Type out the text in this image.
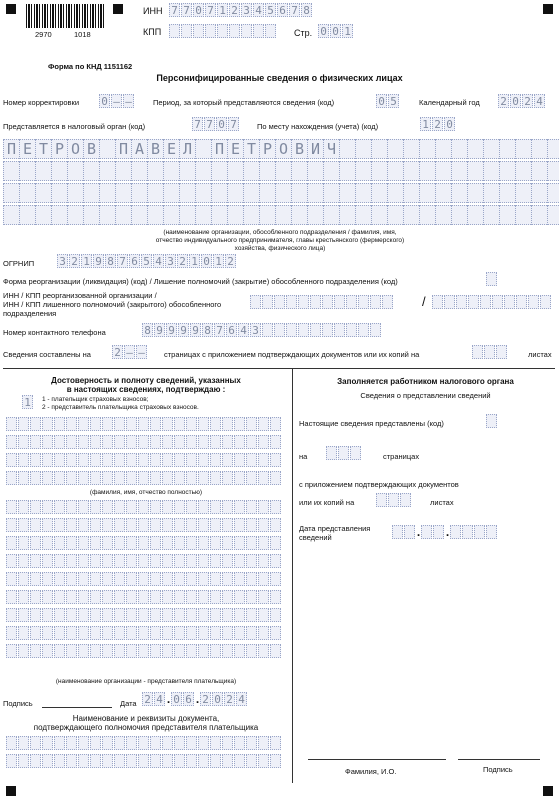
2970	1018
ИНН 7 7 0 7 1 2 3 4 5 6 7 8
КПП	Стр. 0 0 1
Форма по КНД 1151162
Персонифицированные сведения о физических лицах
Номер корректировки 0 – –	Период, за который представляются сведения (код)	0 5	Календарный год 2 0 2 4
Представляется в налоговый орган (код)	7 7 0 7	По месту нахождения (учета) (код)	1 2 0
П Е Т Р О В П А В Е Л П Е Т Р О В И Ч
(наименование организации, обособленного подразделения / фамилия, имя, отчество индивидуального предпринимателя, главы крестьянского (фермерского) хозяйства, физического лица)
ОГРНИП 3 2 1 9 8 7 6 5 4 3 2 1 0 1 2
Форма реорганизации (ликвидация) (код) / Лишение полномочий (закрытие) обособленного подразделения (код)
ИНН / КПП реорганизованной организации /
ИНН / КПП лишенного полномочий (закрытого) обособленного
подразделения
/
Номер контактного телефона	8 9 9 9 9 8 7 6 4 3
Сведения составлены на 2 – –	страницах с приложением подтверждающих документов или их копий на	листах
Достоверность и полноту сведений, указанных
в настоящих сведениях, подтверждаю :
1	1 - плательщик страховых взносов;
2 - представитель плательщика страховых взносов.
(фамилия, имя, отчество полностью)
(наименование организации - представителя плательщика)
Подпись	Дата 2 4 . 0 6 . 2 0 2 4
Наименование и реквизиты документа,
подтверждающего полномочия представителя плательщика
Заполняется работником налогового органа
Сведения о представлении сведений
Настоящие сведения представлены (код)
на	страницах
с приложением подтверждающих документов
или их копий на	листах
Дата представления
сведений	. .
Фамилия, И.О.	Подпись
